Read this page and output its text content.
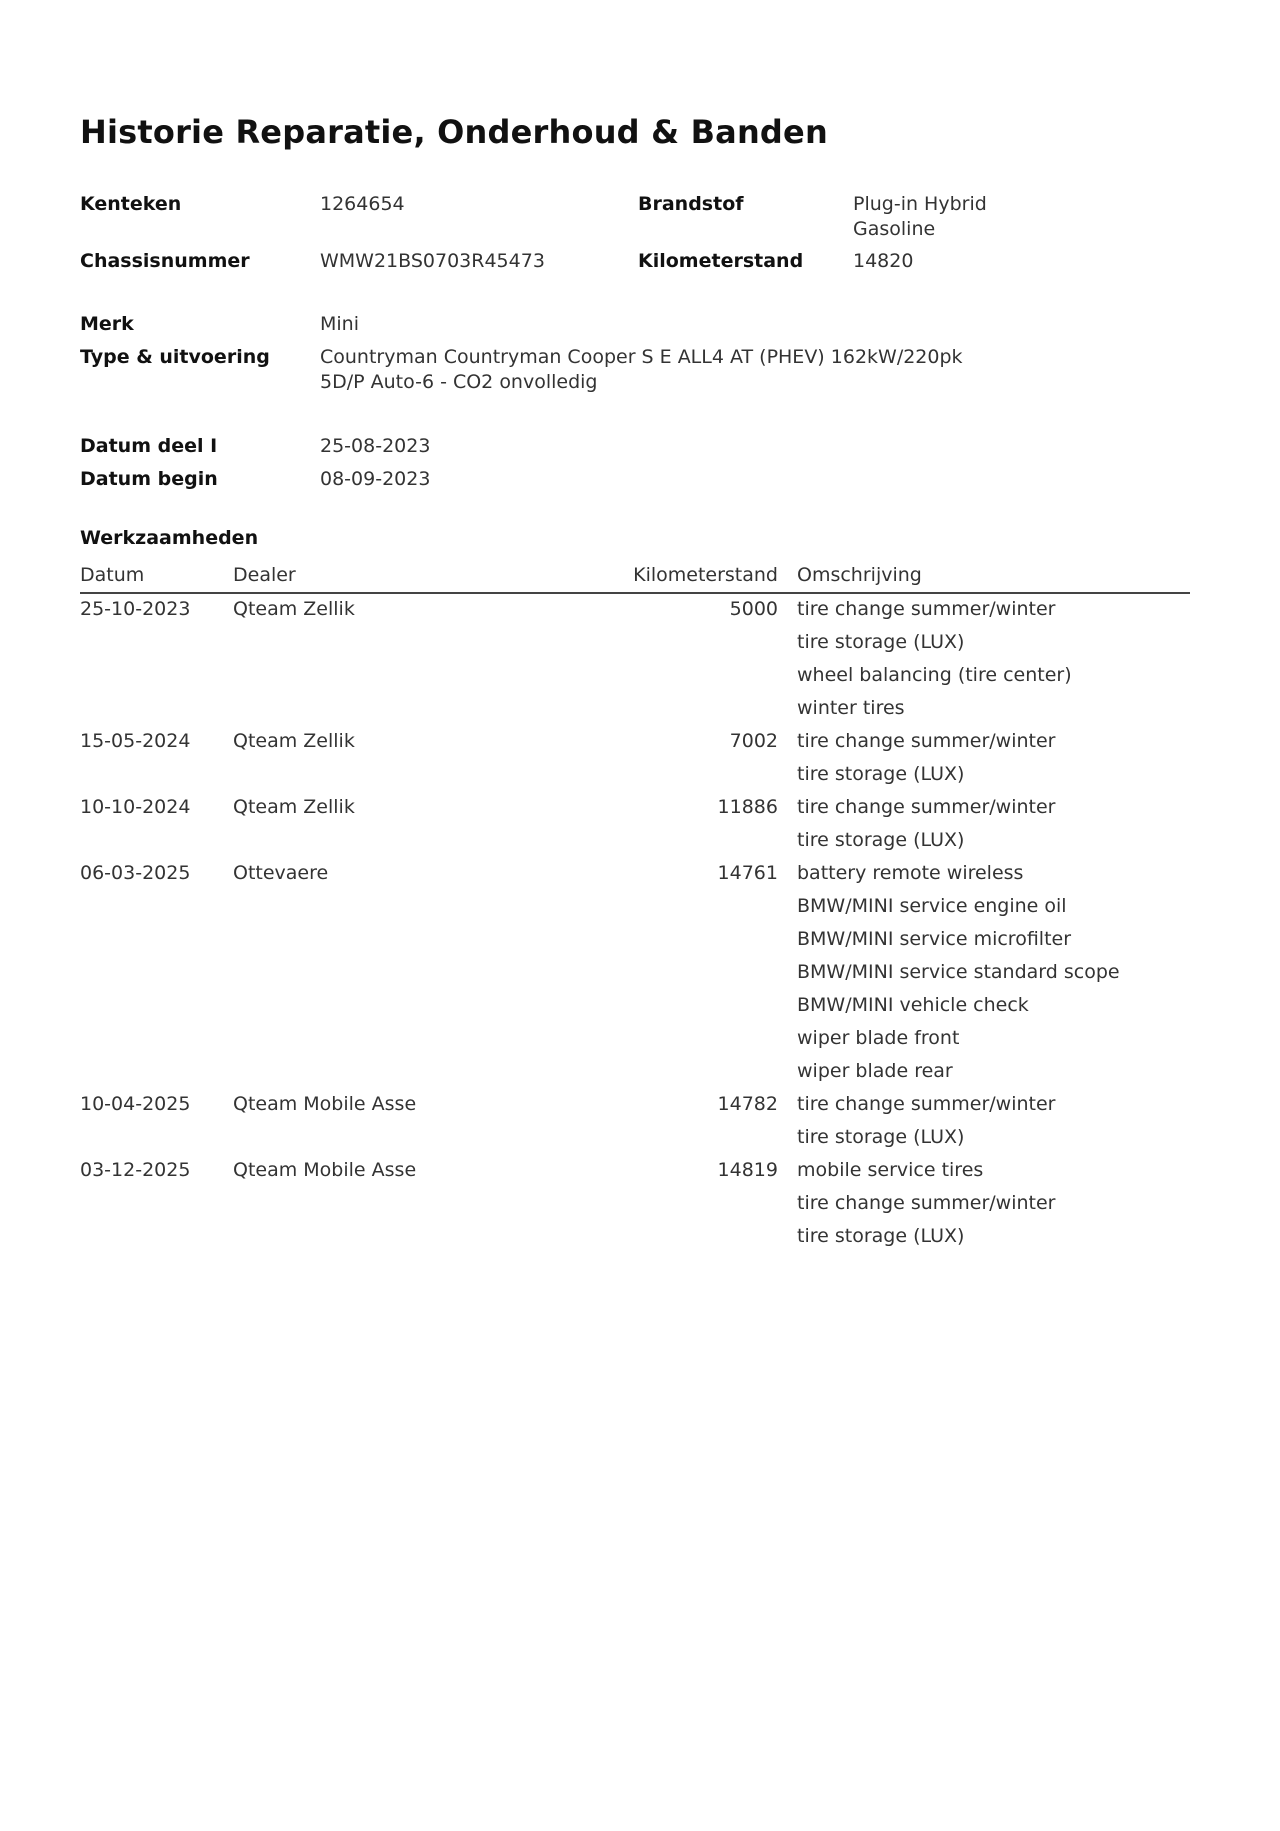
Historie Reparatie, Onderhoud & Banden
Kenteken	1264654	Brandstof	Plug-in Hybrid
Gasoline
Chassisnummer	WMW21BS0703R45473	Kilometerstand	14820
Merk	Mini
Type & uitvoering	Countryman Countryman Cooper S E ALL4 AT (PHEV) 162kW/220pk
5D/P Auto-6 - CO2 onvolledig
Datum deel I	25-08-2023
Datum begin	08-09-2023
Werkzaamheden
Datum	Dealer	Kilometerstand Omschrijving
25-10-2023 Qteam Zellik	5000 tire change summer/winter
tire storage (LUX)
wheel balancing (tire center)
winter tires
15-05-2024 Qteam Zellik	7002 tire change summer/winter
tire storage (LUX)
10-10-2024 Qteam Zellik	11886 tire change summer/winter
tire storage (LUX)
06-03-2025 Ottevaere	14761 battery remote wireless
BMW/MINI service engine oil
BMW/MINI service microfilter
BMW/MINI service standard scope
BMW/MINI vehicle check
wiper blade front
wiper blade rear
10-04-2025 Qteam Mobile Asse	14782 tire change summer/winter
tire storage (LUX)
03-12-2025 Qteam Mobile Asse	14819 mobile service tires
tire change summer/winter
tire storage (LUX)
